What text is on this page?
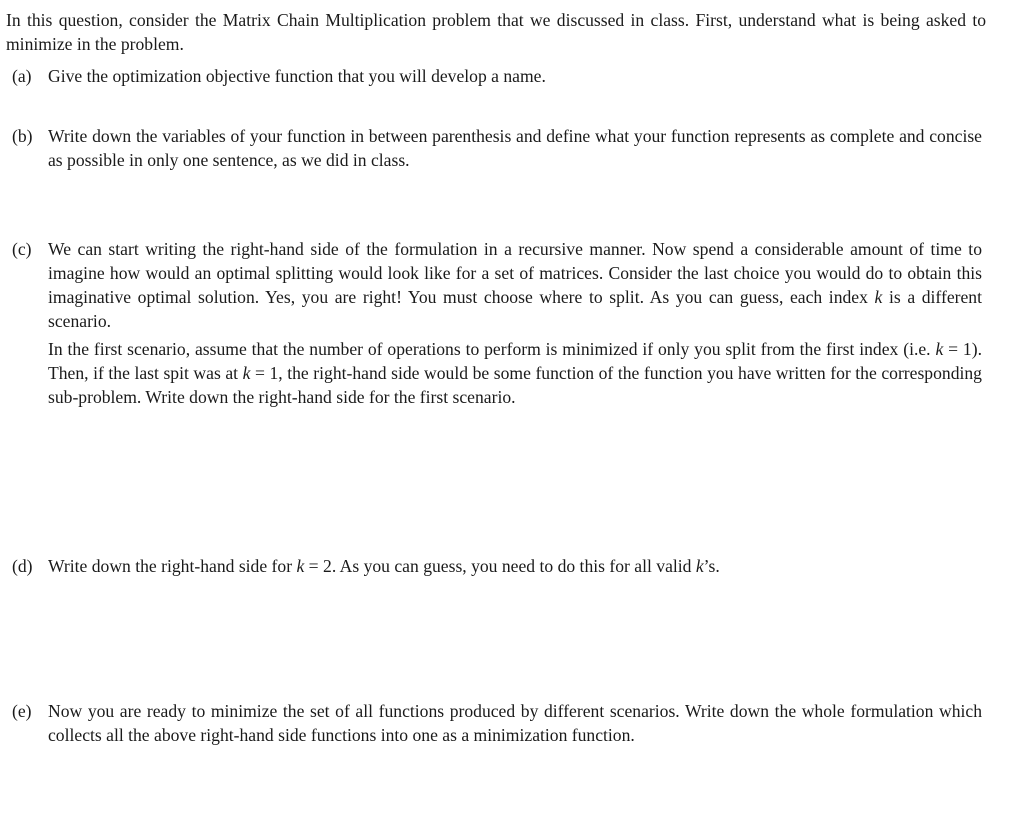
In this question, consider the Matrix Chain Multiplication problem that we discussed in class. First, understand what is being asked to minimize in the problem.

(a) Give the optimization objective function that you will develop a name.

(b) Write down the variables of your function in between parenthesis and define what your function represents as complete and concise as possible in only one sentence, as we did in class.

(c) We can start writing the right-hand side of the formulation in a recursive manner. Now spend a considerable amount of time to imagine how would an optimal splitting would look like for a set of matrices. Consider the last choice you would do to obtain this imaginative optimal solution. Yes, you are right! You must choose where to split. As you can guess, each index k is a different scenario.

In the first scenario, assume that the number of operations to perform is minimized if only you split from the first index (i.e. k = 1). Then, if the last spit was at k = 1, the right-hand side would be some function of the function you have written for the corresponding sub-problem. Write down the right-hand side for the first scenario.

(d) Write down the right-hand side for k = 2. As you can guess, you need to do this for all valid k’s.

(e) Now you are ready to minimize the set of all functions produced by different scenarios. Write down the whole formulation which collects all the above right-hand side functions into one as a minimization function.
